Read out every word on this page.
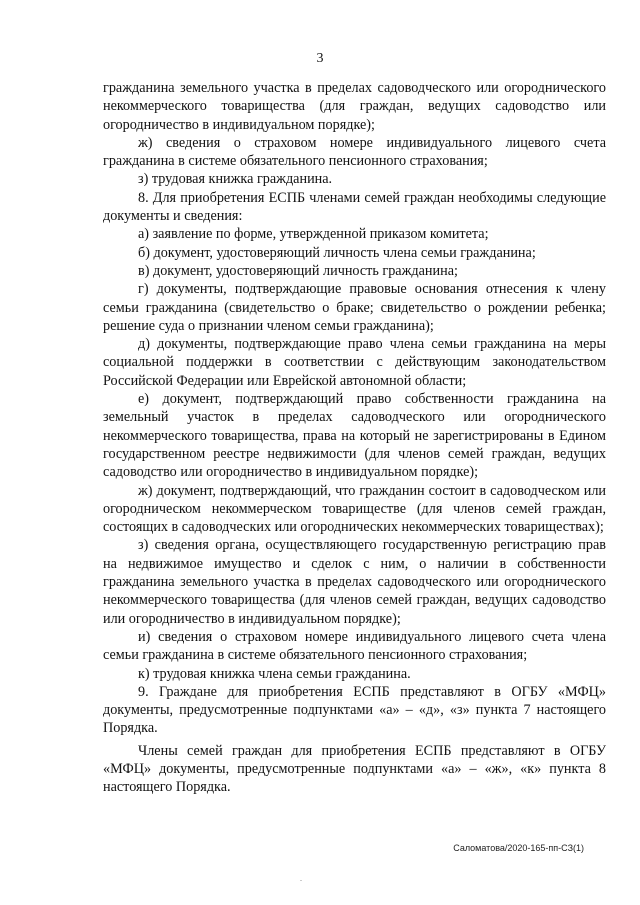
3

гражданина земельного участка в пределах садоводческого или огороднического некоммерческого товарищества (для граждан, ведущих садоводство или огородничество в индивидуальном порядке);

ж) сведения о страховом номере индивидуального лицевого счета гражданина в системе обязательного пенсионного страхования;

з) трудовая книжка гражданина.

8. Для приобретения ЕСПБ членами семей граждан необходимы следующие документы и сведения:

а) заявление по форме, утвержденной приказом комитета;

б) документ, удостоверяющий личность члена семьи гражданина;

в) документ, удостоверяющий личность гражданина;

г) документы, подтверждающие правовые основания отнесения к члену семьи гражданина (свидетельство о браке; свидетельство о рождении ребенка; решение суда о признании членом семьи гражданина);

д) документы, подтверждающие право члена семьи гражданина на меры социальной поддержки в соответствии с действующим законодательством Российской Федерации или Еврейской автономной области;

е) документ, подтверждающий право собственности гражданина на земельный участок в пределах садоводческого или огороднического некоммерческого товарищества, права на который не зарегистрированы в Едином государственном реестре недвижимости (для членов семей граждан, ведущих садоводство или огородничество в индивидуальном порядке);

ж) документ, подтверждающий, что гражданин состоит в садоводческом или огородническом некоммерческом товариществе (для членов семей граждан, состоящих в садоводческих или огороднических некоммерческих товариществах);

з) сведения органа, осуществляющего государственную регистрацию прав на недвижимое имущество и сделок с ним, о наличии в собственности гражданина земельного участка в пределах садоводческого или огороднического некоммерческого товарищества (для членов семей граждан, ведущих садоводство или огородничество в индивидуальном порядке);

и) сведения о страховом номере индивидуального лицевого счета члена семьи гражданина в системе обязательного пенсионного страхования;

к) трудовая книжка члена семьи гражданина.

9. Граждане для приобретения ЕСПБ представляют в ОГБУ «МФЦ» документы, предусмотренные подпунктами «а» – «д», «з» пункта 7 настоящего Порядка.

Члены семей граждан для приобретения ЕСПБ представляют в ОГБУ «МФЦ» документы, предусмотренные подпунктами «а» – «ж», «к» пункта 8 настоящего Порядка.

Саломатова/2020-165-пп-СЗ(1)
